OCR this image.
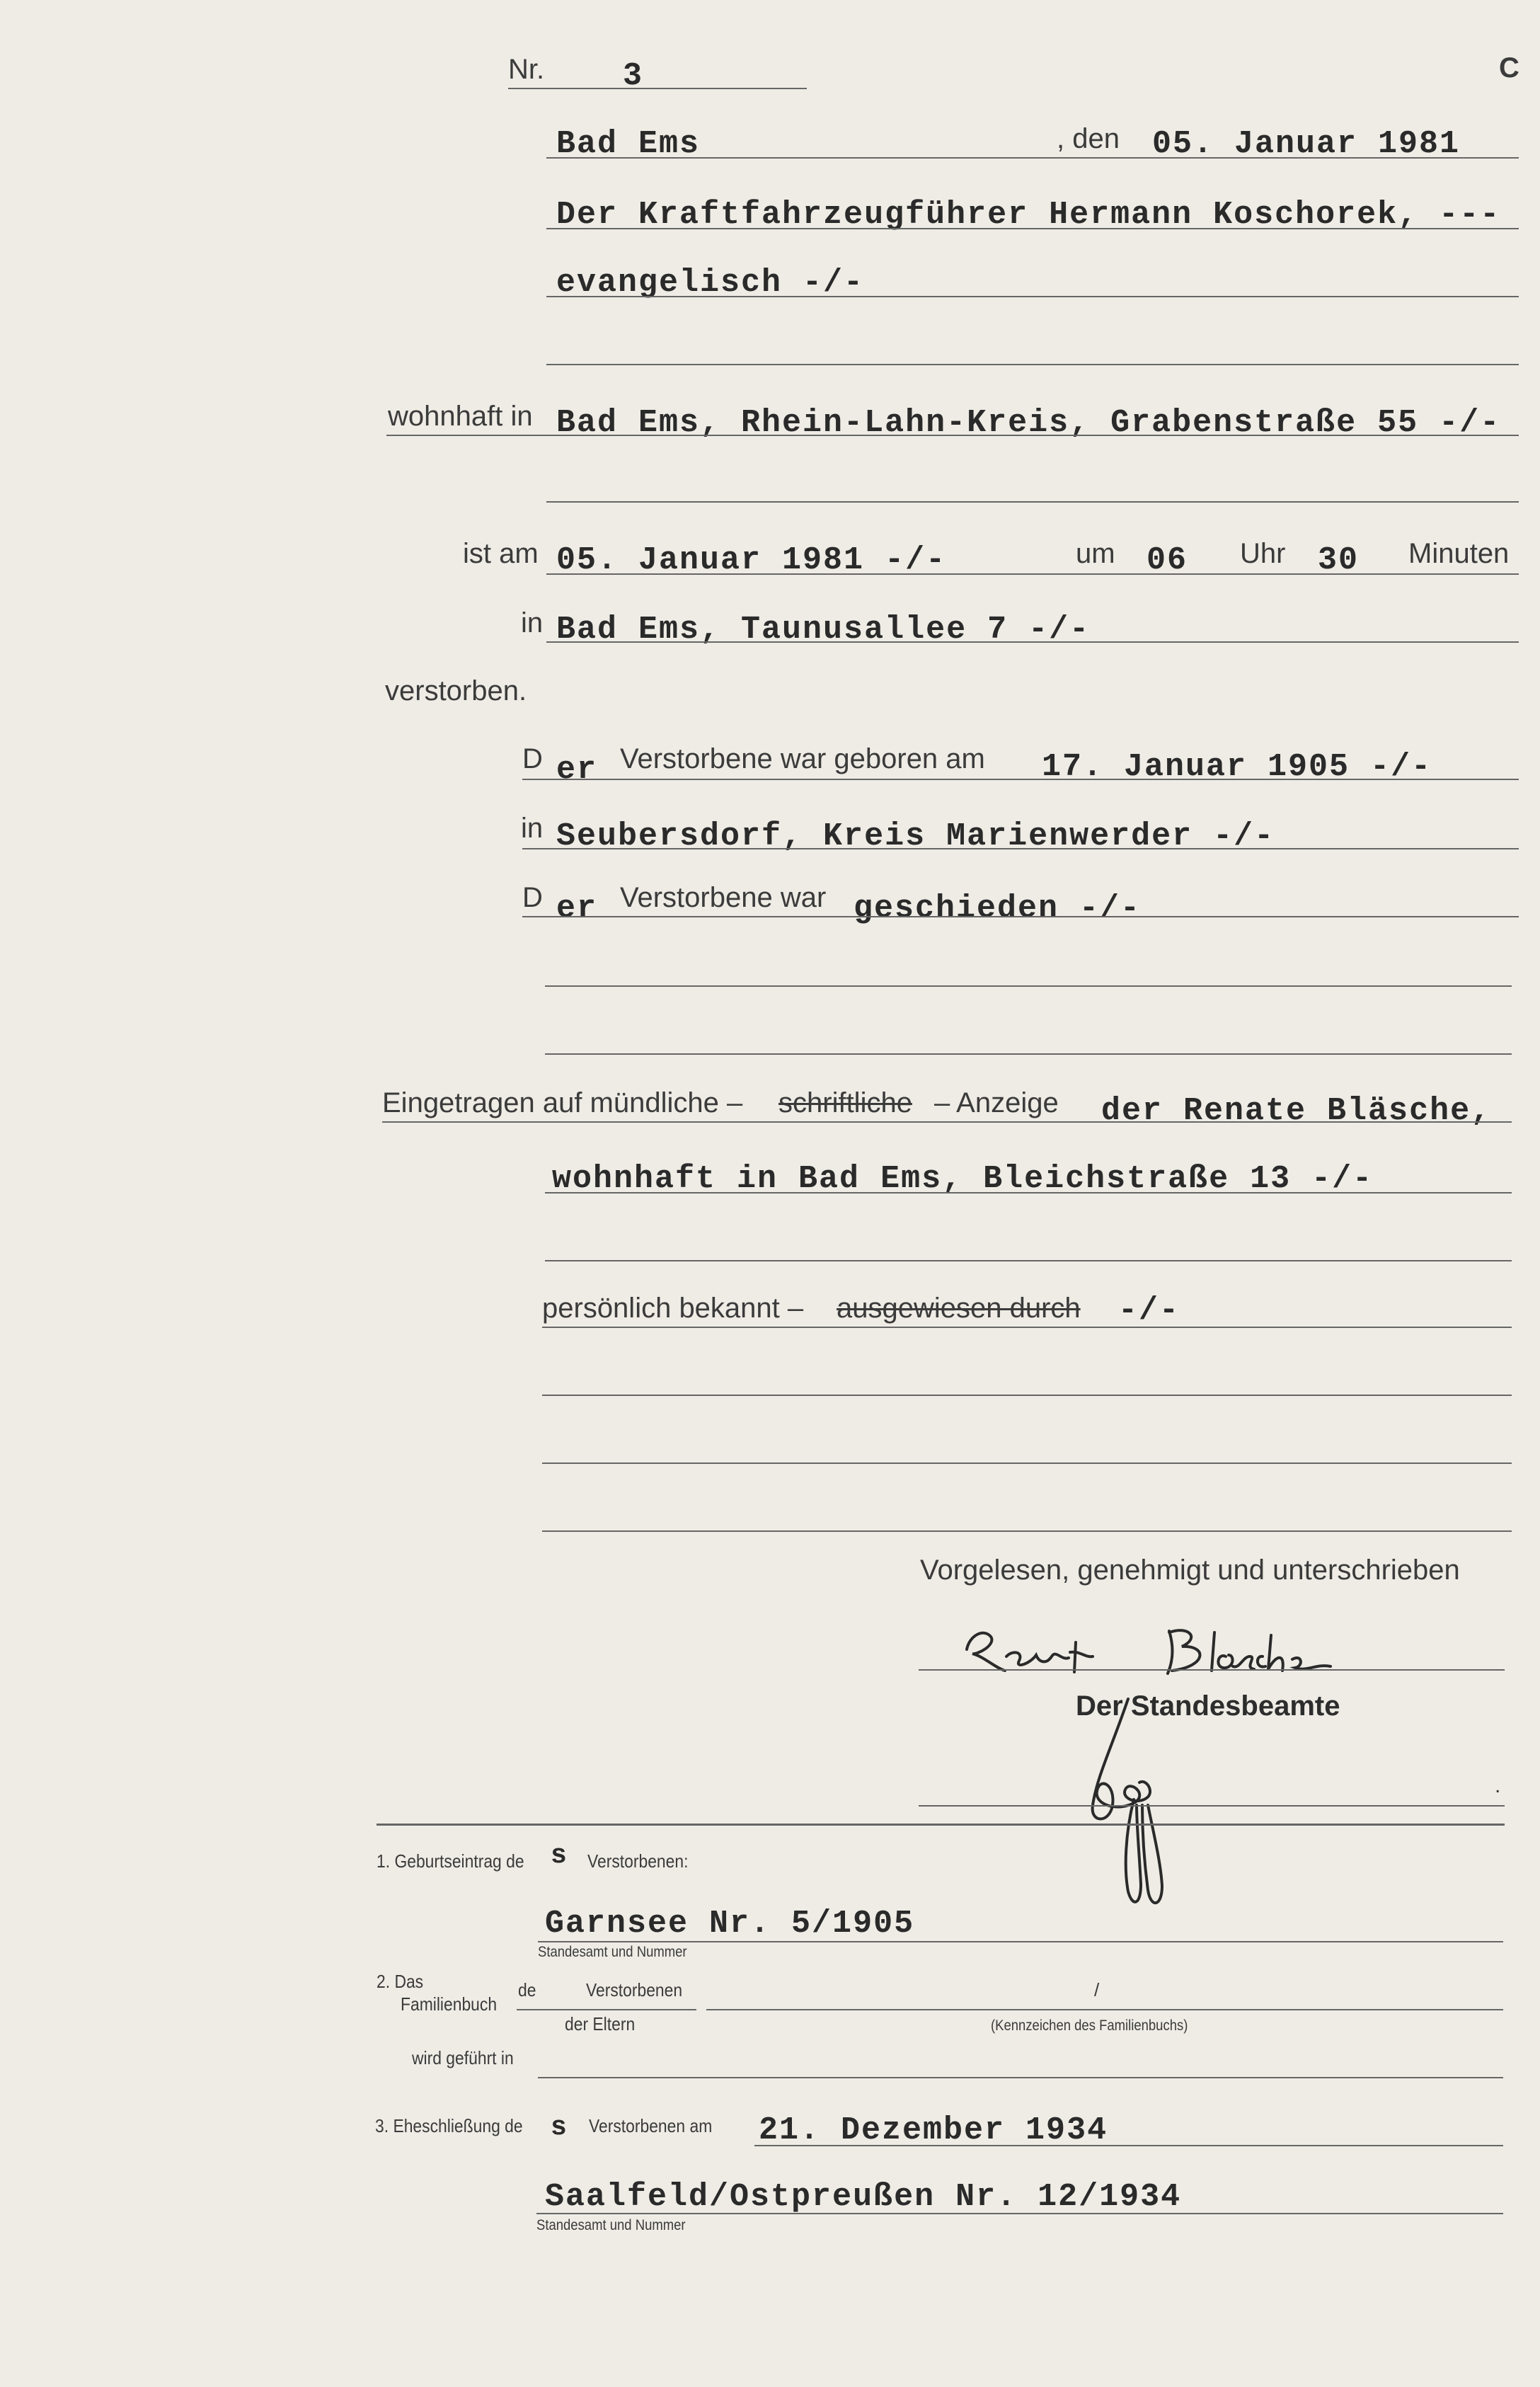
C
Nr. 3
Bad Ems	, den 05. Januar 1981
Der Kraftfahrzeugführer Hermann Koschorek, ---
evangelisch -/-
wohnhaft in Bad Ems, Rhein-Lahn-Kreis, Grabenstraße 55 -/-
ist am 05. Januar 1981 -/-	um 06 Uhr 30 Minuten
in Bad Ems, Taunusallee 7 -/-
verstorben.
D er Verstorbene war geboren am 17. Januar 1905 -/-
in Seubersdorf, Kreis Marienwerder -/-
D er Verstorbene war geschieden -/-
Eingetragen auf mündliche – schriftliche – Anzeige der Renate Bläsche,
wohnhaft in Bad Ems, Bleichstraße 13 -/-
persönlich bekannt – ausgewiesen durch -/-
Vorgelesen, genehmigt und unterschrieben
Der Standesbeamte
.
1. Geburtseintrag de s Verstorbenen:
Garnsee Nr. 5/1905
Standesamt und Nummer
2. Das
Familienbuch
de	Verstorbenen	/
der Eltern	(Kennzeichen des Familienbuchs)
wird geführt in
3. Eheschließung de s Verstorbenen am 21. Dezember 1934
Saalfeld/Ostpreußen Nr. 12/1934
Standesamt und Nummer
